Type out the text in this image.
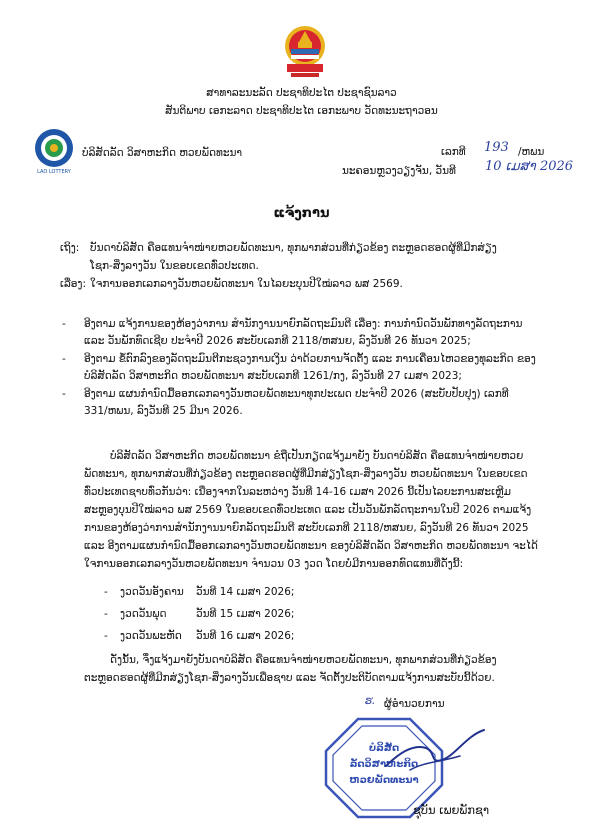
ສາທາລະນະລັດ ປະຊາທິປະໄຕ ປະຊາຊົນລາວ
ສັນຕິພາບ ເອກະລາດ ປະຊາທິປະໄຕ ເອກະພາບ ວັດທະນະຖາວອນ
LAO LOTTERY
ບໍລິສັດລັດ ວິສາຫະກິດ ຫວຍພັດທະນາ	ເລກທີ 193 /ຫພນ
ນະຄອນຫຼວງວຽງຈັນ, ວັນທີ 10 ເມສາ 2026
ແຈ້ງການ
ເຖິງ: ບັນດາບໍລິສັດ ຄືອແທນຈຳໜ່າຍຫວຍພັດທະນາ, ທຸກພາກສ່ວນທີ່ກ່ຽວຂ້ອງ ຕະຫຼອດຮອດຜູ້ທີ່ມີກສ່ຽງ
ໂຊກ-ສິ່ງລາງວັນ ໃນຂອບເຂດທົ່ວປະເທດ.
ເລື່ອງ: ໃຈການອອກເລກລາງວັນຫວຍພັດທະນາ ໃນໄລຍະບຸນປີໃໝ່ລາວ ພສ 2569.
- ອີງຕາມ ແຈ້ງການຂອງຫ້ອງວ່າການ ສຳນັກງານນາຍົກລັດຖະມົນຕີ ເລື່ອງ: ການກຳນົດວັນພັກທາງລັດຖະການ
ແລະ ວັນພັກທົດເຊີຍ ປະຈຳປີ 2026 ສະບັບເລກທີ 2118/ຫສນຍ, ລົງວັນທີ 26 ທັນວາ 2025;
- ອີງຕາມ ຂໍ້ຕົກລົງຂອງລັດຖະມົນຕີກະຊວງການເງິນ ວ່າດ້ວຍການຈັດຕັ້ງ ແລະ ການເຄື່ອນໄຫວຂອງທຸລະກິດ ຂອງ
ບໍລິສັດລັດ ວິສາຫະກິດ ຫວຍພັດທະນາ ສະບັບເລກທີ 1261/ກງ, ລົງວັນທີ 27 ເມສາ 2023;
- ອີງຕາມ ແຜນກຳນົດມື້ອອກເລກລາງວັນຫວຍພັດທະນາທຸກປະເພດ ປະຈຳປີ 2026 (ສະບັບປັບປຸງ) ເລກທີ
331/ຫພນ, ລົງວັນທີ 25 ມີນາ 2026.
ບໍລິສັດລັດ ວິສາຫະກິດ ຫວຍພັດທະນາ ຂໍຖືເປັນກຽດແຈ້ງມາຍັງ ບັນດາບໍລິສັດ ຄືອແທນຈຳໜ່າຍຫວຍ
ພັດທະນາ, ທຸກພາກສ່ວນທີ່ກ່ຽວຂ້ອງ ຕະຫຼອດຮອດຜູ້ທີ່ມີກສ່ຽງໂຊກ-ສິ່ງລາງວັນ ຫວຍພັດທະນາ ໃນຂອບເຂດ
ທົ່ວປະເທດຊາບທົ່ວກັນວ່າ: ເນື່ອງຈາກໃນລະຫວ່າງ ວັນທີ 14-16 ເມສາ 2026 ນີ້ເປັນໄລຍະການສະເຫຼີມ
ສະຫຼອງບຸນປີໃໝ່ລາວ ພສ 2569 ໃນຂອບເຂດທົ່ວປະເທດ ແລະ ເປັນວັນພັກລັດຖະການໃນປີ 2026 ຕາມແຈ້ງ
ການຂອງຫ້ອງວ່າການສຳນັກງານນາຍົກລັດຖະມົນຕີ ສະບັບເລກທີ 2118/ຫສນຍ, ລົງວັນທີ 26 ທັນວາ 2025
ແລະ ອີງຕາມແຜນກຳນົດມື້ອອກເລກລາງວັນຫວຍພັດທະນາ ຂອງບໍລິສັດລັດ ວິສາຫະກິດ ຫວຍພັດທະນາ ຈະໄດ້
ໃຈການອອກເລກລາງວັນຫວຍພັດທະນາ ຈຳນວນ 03 ງວດ ໂດຍບໍ່ມີການອອກທົດແທນທີ່ດັ່ງນີ້:
- ງວດວັນອັງຄານ ວັນທີ 14 ເມສາ 2026;
- ງວດວັນພຸດ	ວັນທີ 15 ເມສາ 2026;
- ງວດວັນພະຫັດ ວັນທີ 16 ເມສາ 2026;
ດັ່ງນັ້ນ, ຈຶ່ງແຈ້ງມາຍັງບັນດາບໍລິສັດ ຄືອແທນຈຳໜ່າຍຫວຍພັດທະນາ, ທຸກພາກສ່ວນທີ່ກ່ຽວຂ້ອງ
ຕະຫຼອດຮອດຜູ້ທີ່ມີກສ່ຽງໂຊກ-ສິ່ງລາງວັນເພື່ອຊາບ ແລະ ຈັດຕັ້ງປະຕິບັດຕາມແຈ້ງການສະບັບນີ້ດ້ວຍ.
ຮ. ຜູ້ອຳນວຍການ
ບໍລິສັດ
ລັດວິສາຫະກິດ
ຫວຍພັດທະນາ
ຊຸບັນ ເພຍພັກຊາ
